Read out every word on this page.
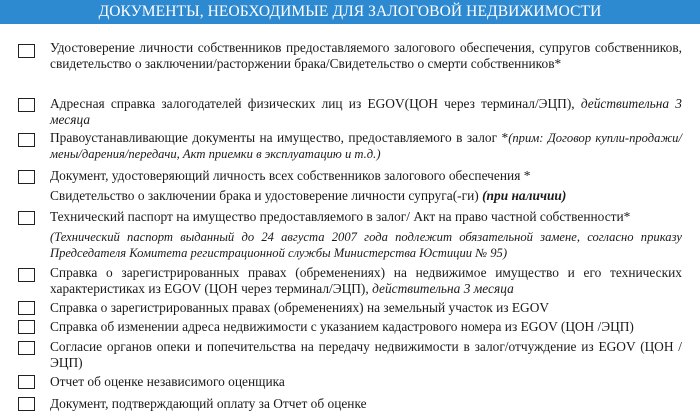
ДОКУМЕНТЫ, НЕОБХОДИМЫЕ ДЛЯ ЗАЛОГОВОЙ НЕДВИЖИМОСТИ
Удостоверение личности собственников предоставляемого залогового обеспечения, супругов собственников, свидетельство о заключении/расторжении брака/Свидетельство о смерти собственников*
Адресная справка залогодателей физических лиц из EGOV(ЦОН через терминал/ЭЦП), действительна 3 месяца
Правоустанавливающие документы на имущество, предоставляемого в залог *(прим: Договор купли-продажи/мены/дарения/передачи, Акт приемки в эксплуатацию и т.д.)
Документ, удостоверяющий личность всех собственников залогового обеспечения *
Свидетельство о заключении брака и удостоверение личности супруга(-ги) (при наличии)
Технический паспорт на имущество предоставляемого в залог/ Акт на право частной собственности*
(Технический паспорт выданный до 24 августа 2007 года подлежит обязательной замене, согласно приказу Председателя Комитета регистрационной службы Министерства Юстиции № 95)
Справка о зарегистрированных правах (обременениях) на недвижимое имущество и его технических характеристиках из EGOV (ЦОН через терминал/ЭЦП), действительна 3 месяца
Справка о зарегистрированных правах (обременениях) на земельный участок из EGOV
Справка об изменении адреса недвижимости с указанием кадастрового номера из EGOV (ЦОН /ЭЦП)
Согласие органов опеки и попечительства на передачу недвижимости в залог/отчуждение из EGOV (ЦОН /ЭЦП)
Отчет об оценке независимого оценщика
Документ, подтверждающий оплату за Отчет об оценке
